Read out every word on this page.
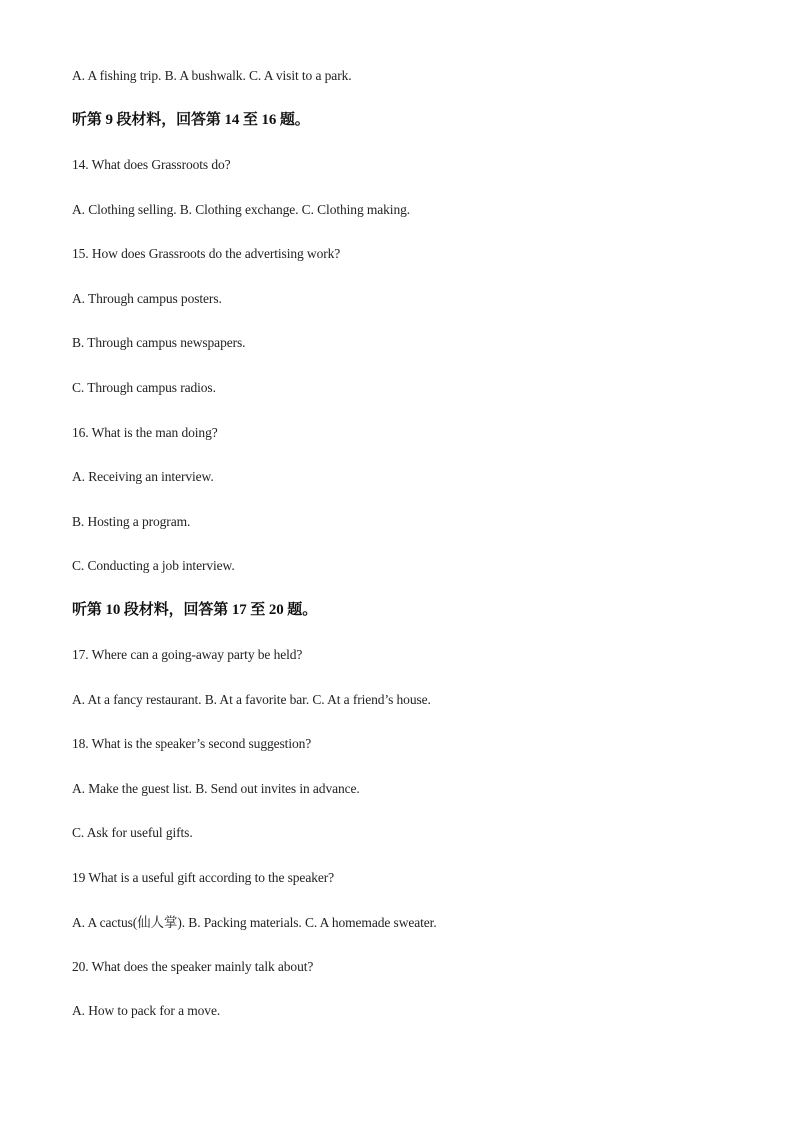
A. A fishing trip. B. A bushwalk. C. A visit to a park.
听第 9 段材料，回答第 14 至 16 题。
14. What does Grassroots do?
A. Clothing selling. B. Clothing exchange. C. Clothing making.
15. How does Grassroots do the advertising work?
A. Through campus posters.
B. Through campus newspapers.
C. Through campus radios.
16. What is the man doing?
A. Receiving an interview.
B. Hosting a program.
C. Conducting a job interview.
听第 10 段材料，回答第 17 至 20 题。
17. Where can a going-away party be held?
A. At a fancy restaurant. B. At a favorite bar. C. At a friend’s house.
18. What is the speaker’s second suggestion?
A. Make the guest list. B. Send out invites in advance.
C. Ask for useful gifts.
19 What is a useful gift according to the speaker?
A. A cactus(仙人掌). B. Packing materials. C. A homemade sweater.
20. What does the speaker mainly talk about?
A. How to pack for a move.
